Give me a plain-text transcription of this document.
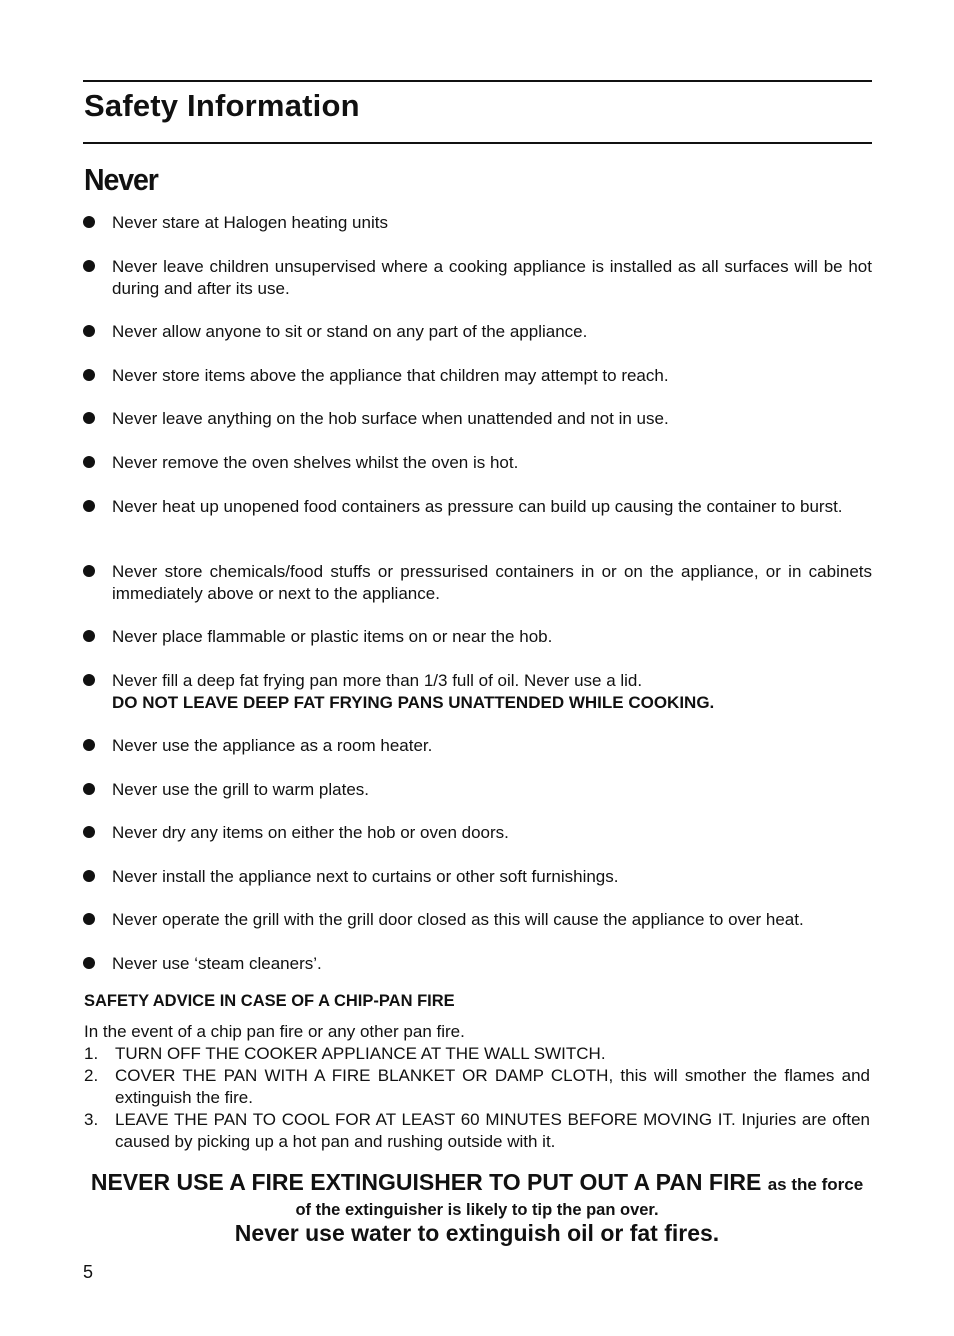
Safety Information
Never
Never stare at Halogen heating units
Never leave children unsupervised where a cooking appliance is installed as all surfaces will be hot during and after its use.
Never allow anyone to sit or stand on any part of the appliance.
Never store items above the appliance that children may attempt to reach.
Never leave anything on the hob surface when unattended and not in use.
Never remove the oven shelves whilst the oven is hot.
Never heat up unopened food containers as pressure can build up causing the container to burst.
Never store chemicals/food stuffs or pressurised containers in or on the appliance, or in cabinets immediately above or next to the appliance.
Never place flammable or plastic items on or near the hob.
Never fill a deep fat frying pan more than 1/3 full of oil. Never use a lid.
DO NOT LEAVE DEEP FAT FRYING PANS UNATTENDED WHILE COOKING.
Never use the appliance as a room heater.
Never use the grill to warm plates.
Never dry any items on either the hob or oven doors.
Never install the appliance next to curtains or other soft furnishings.
Never operate the grill with the grill door closed as this will cause the appliance to over heat.
Never use ‘steam cleaners’.
SAFETY ADVICE IN CASE OF A CHIP-PAN FIRE
In the event of a chip pan fire or any other pan fire.
1. TURN OFF THE COOKER APPLIANCE AT THE WALL SWITCH.
2. COVER THE PAN WITH A FIRE BLANKET OR DAMP CLOTH, this will smother the flames and extinguish the fire.
3. LEAVE THE PAN TO COOL FOR AT LEAST 60 MINUTES BEFORE MOVING IT. Injuries are often caused by picking up a hot pan and rushing outside with it.
NEVER USE A FIRE EXTINGUISHER TO PUT OUT A PAN FIRE as the force
of the extinguisher is likely to tip the pan over.
Never use water to extinguish oil or fat fires.
5
